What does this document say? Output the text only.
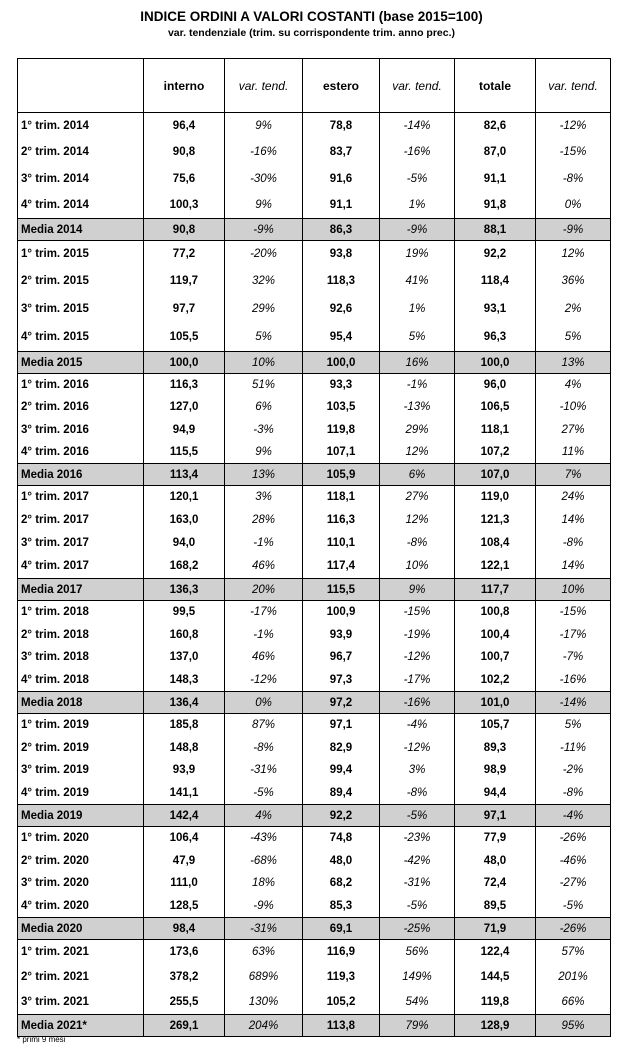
INDICE ORDINI A VALORI COSTANTI (base 2015=100)
var. tendenziale (trim. su corrispondente trim. anno prec.)
	interno	var. tend.	estero	var. tend.	totale	var. tend.
1° trim. 2014	96,4	9%	78,8	-14%	82,6	-12%
2° trim. 2014	90,8	-16%	83,7	-16%	87,0	-15%
3° trim. 2014	75,6	-30%	91,6	-5%	91,1	-8%
4° trim. 2014	100,3	9%	91,1	1%	91,8	0%
Media 2014	90,8	-9%	86,3	-9%	88,1	-9%
1° trim. 2015	77,2	-20%	93,8	19%	92,2	12%
2° trim. 2015	119,7	32%	118,3	41%	118,4	36%
3° trim. 2015	97,7	29%	92,6	1%	93,1	2%
4° trim. 2015	105,5	5%	95,4	5%	96,3	5%
Media 2015	100,0	10%	100,0	16%	100,0	13%
1° trim. 2016	116,3	51%	93,3	-1%	96,0	4%
2° trim. 2016	127,0	6%	103,5	-13%	106,5	-10%
3° trim. 2016	94,9	-3%	119,8	29%	118,1	27%
4° trim. 2016	115,5	9%	107,1	12%	107,2	11%
Media 2016	113,4	13%	105,9	6%	107,0	7%
1° trim. 2017	120,1	3%	118,1	27%	119,0	24%
2° trim. 2017	163,0	28%	116,3	12%	121,3	14%
3° trim. 2017	94,0	-1%	110,1	-8%	108,4	-8%
4° trim. 2017	168,2	46%	117,4	10%	122,1	14%
Media 2017	136,3	20%	115,5	9%	117,7	10%
1° trim. 2018	99,5	-17%	100,9	-15%	100,8	-15%
2° trim. 2018	160,8	-1%	93,9	-19%	100,4	-17%
3° trim. 2018	137,0	46%	96,7	-12%	100,7	-7%
4° trim. 2018	148,3	-12%	97,3	-17%	102,2	-16%
Media 2018	136,4	0%	97,2	-16%	101,0	-14%
1° trim. 2019	185,8	87%	97,1	-4%	105,7	5%
2° trim. 2019	148,8	-8%	82,9	-12%	89,3	-11%
3° trim. 2019	93,9	-31%	99,4	3%	98,9	-2%
4° trim. 2019	141,1	-5%	89,4	-8%	94,4	-8%
Media 2019	142,4	4%	92,2	-5%	97,1	-4%
1° trim. 2020	106,4	-43%	74,8	-23%	77,9	-26%
2° trim. 2020	47,9	-68%	48,0	-42%	48,0	-46%
3° trim. 2020	111,0	18%	68,2	-31%	72,4	-27%
4° trim. 2020	128,5	-9%	85,3	-5%	89,5	-5%
Media 2020	98,4	-31%	69,1	-25%	71,9	-26%
1° trim. 2021	173,6	63%	116,9	56%	122,4	57%
2° trim. 2021	378,2	689%	119,3	149%	144,5	201%
3° trim. 2021	255,5	130%	105,2	54%	119,8	66%
Media 2021*	269,1	204%	113,8	79%	128,9	95%
* primi 9 mesi
